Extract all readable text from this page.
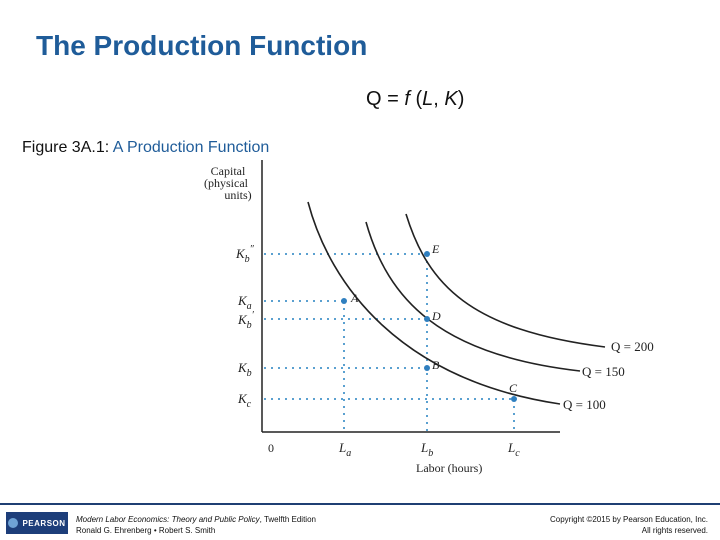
The Production Function
Q = f (L, K)
Figure 3A.1: A Production Function
Capital
(physical
units)
Q = 200
Q = 150
Q = 100
A
B
C
D
E
$K_b''$
$K_a$
$K_b'$
$K_b$
$K_c$
$L_a$	$L_b$	$L_c$
0
Labor (hours)
PEARSON Modern Labor Economics: Theory and Public Policy, Twelfth Edition
Ronald G. Ehrenberg • Robert S. Smith
Copyright ©2015 by Pearson Education, Inc.
All rights reserved.
